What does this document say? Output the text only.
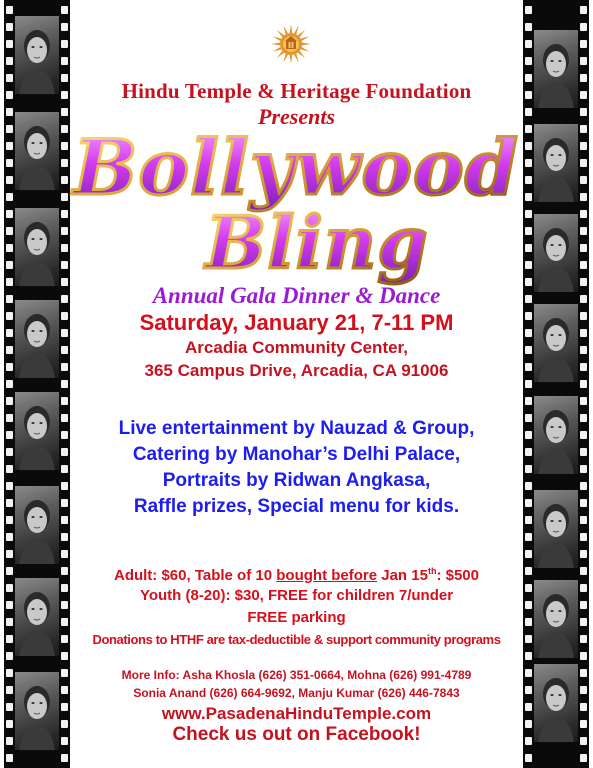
Hindu Temple & Heritage Foundation
Presents
Bollywood
Bling
Annual Gala Dinner & Dance
Saturday, January 21, 7-11 PM
Arcadia Community Center,
365 Campus Drive, Arcadia, CA 91006
Live entertainment by Nauzad & Group,
Catering by Manohar’s Delhi Palace,
Portraits by Ridwan Angkasa,
Raffle prizes, Special menu for kids.
Adult: $60, Table of 10 bought before Jan 15th: $500
Youth (8-20): $30, FREE for children 7/under
FREE parking
Donations to HTHF are tax-deductible & support community programs
More Info: Asha Khosla (626) 351-0664, Mohna (626) 991-4789
Sonia Anand (626) 664-9692, Manju Kumar (626) 446-7843
www.PasadenaHinduTemple.com
Check us out on Facebook!
